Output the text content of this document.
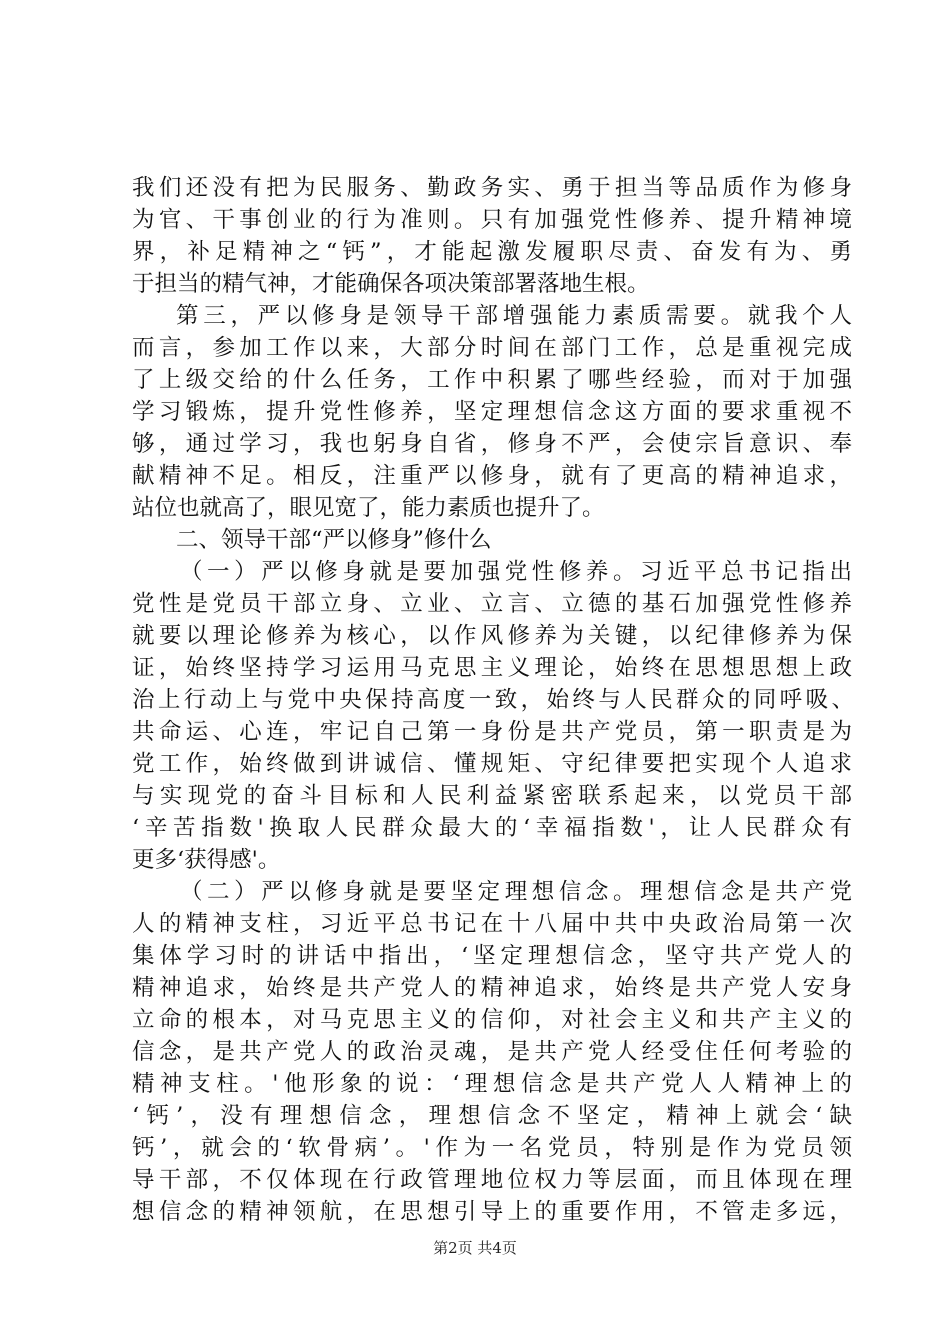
我们还没有把为民服务、勤政务实、勇于担当等品质作为修身
为官、干事创业的行为准则。只有加强党性修养、提升精神境
界，补足精神之“钙”，才能起激发履职尽责、奋发有为、勇
于担当的精气神，才能确保各项决策部署落地生根。
第三，严以修身是领导干部增强能力素质需要。就我个人
而言，参加工作以来，大部分时间在部门工作，总是重视完成
了上级交给的什么任务，工作中积累了哪些经验，而对于加强
学习锻炼，提升党性修养，坚定理想信念这方面的要求重视不
够，通过学习，我也躬身自省，修身不严，会使宗旨意识、奉
献精神不足。相反，注重严以修身，就有了更高的精神追求，
站位也就高了，眼见宽了，能力素质也提升了。
二、领导干部“严以修身”修什么
（一）严以修身就是要加强党性修养。习近平总书记指出
党性是党员干部立身、立业、立言、立德的基石加强党性修养
就要以理论修养为核心，以作风修养为关键，以纪律修养为保
证，始终坚持学习运用马克思主义理论，始终在思想思想上政
治上行动上与党中央保持高度一致，始终与人民群众的同呼吸、
共命运、心连，牢记自己第一身份是共产党员，第一职责是为
党工作，始终做到讲诚信、懂规矩、守纪律要把实现个人追求
与实现党的奋斗目标和人民利益紧密联系起来，以党员干部
‘辛苦指数'换取人民群众最大的‘幸福指数'，让人民群众有
更多‘获得感'。
（二）严以修身就是要坚定理想信念。理想信念是共产党
人的精神支柱，习近平总书记在十八届中共中央政治局第一次
集体学习时的讲话中指出，‘坚定理想信念，坚守共产党人的
精神追求，始终是共产党人的精神追求，始终是共产党人安身
立命的根本，对马克思主义的信仰，对社会主义和共产主义的
信念，是共产党人的政治灵魂，是共产党人经受住任何考验的
精神支柱。'他形象的说：‘理想信念是共产党人人精神上的
‘钙’，没有理想信念，理想信念不坚定，精神上就会‘缺
钙’，就会的‘软骨病’。'作为一名党员，特别是作为党员领
导干部，不仅体现在行政管理地位权力等层面，而且体现在理
想信念的精神领航，在思想引导上的重要作用，不管走多远，
第2页 共4页
